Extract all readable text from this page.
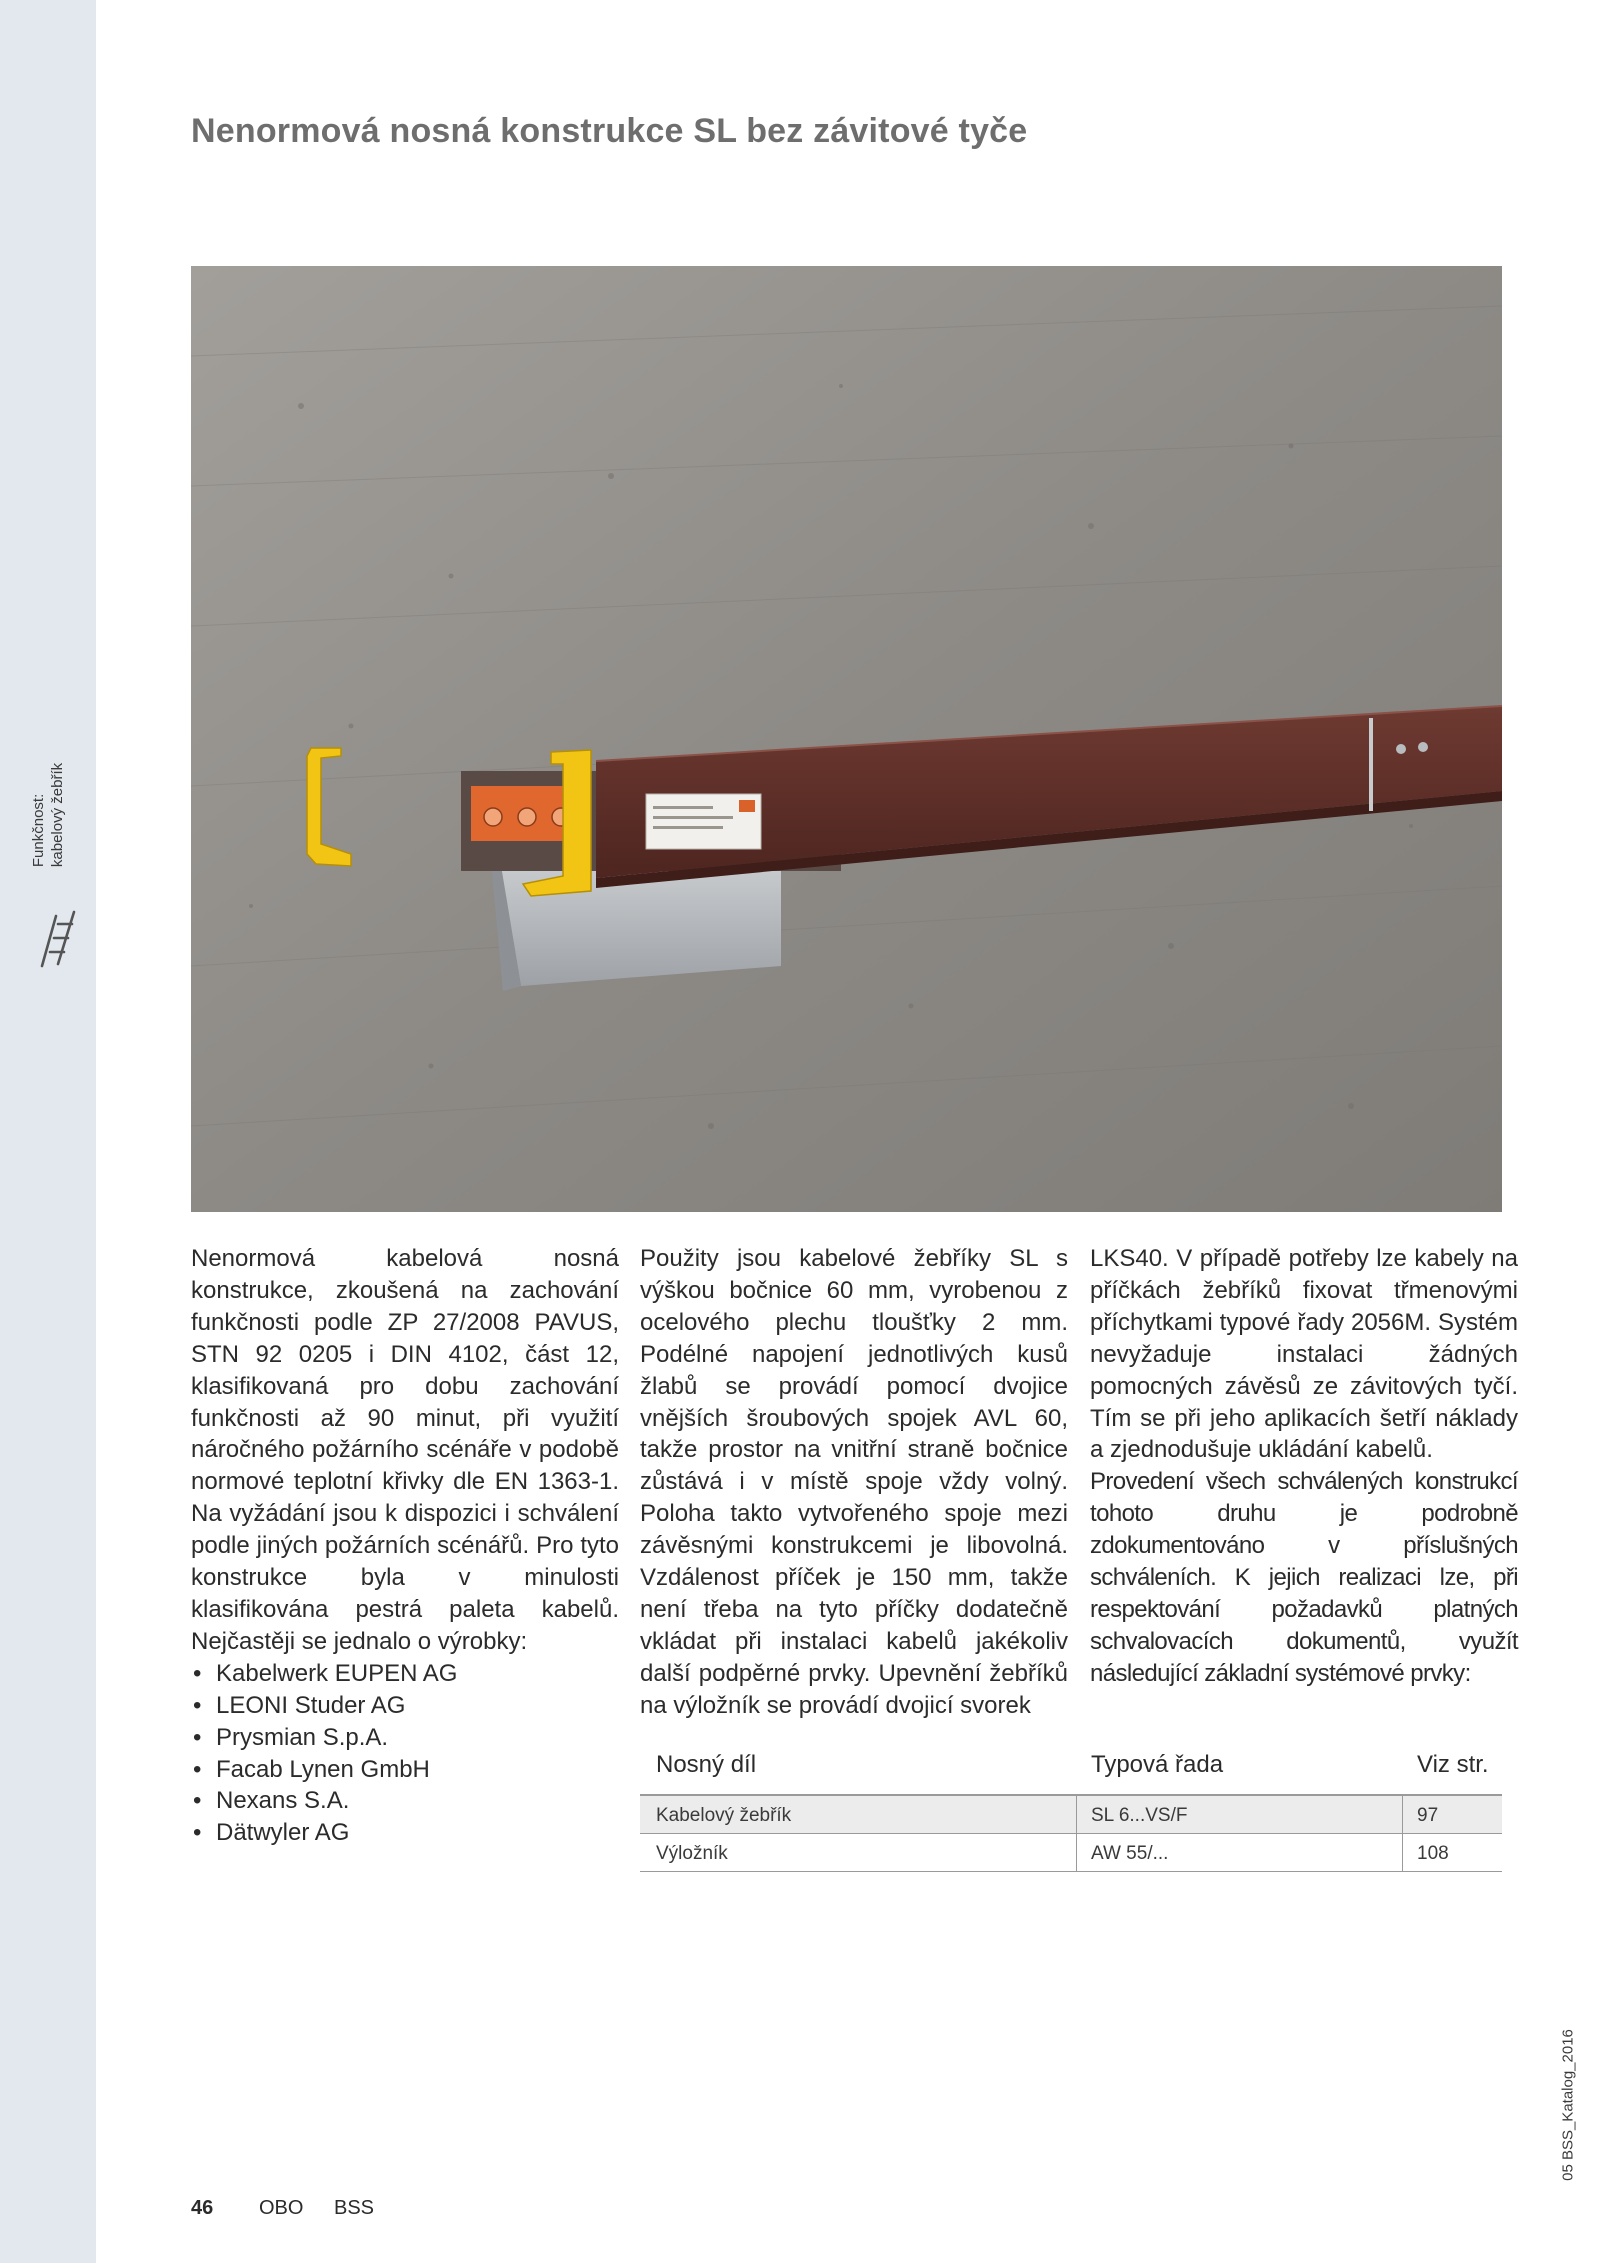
Funkčnost: kabelový žebřík
Nenormová nosná konstrukce SL bez závitové tyče

Nenormová kabelová nosná konstrukce, zkoušená na zachování funkčnosti podle ZP 27/2008 PAVUS, STN 92 0205 i DIN 4102, část 12, klasifikovaná pro dobu zachování funkčnosti až 90 minut, při využití náročného požárního scénáře v podobě normové teplotní křivky dle EN 1363-1. Na vyžádání jsou k dispozici i schválení podle jiných požárních scénářů. Pro tyto konstrukce byla v minulosti klasifikována pestrá paleta kabelů. Nejčastěji se jednalo o výrobky:

• Kabelwerk EUPEN AG
• LEONI Studer AG
• Prysmian S.p.A.
• Facab Lynen GmbH
• Nexans S.A.
• Dätwyler AG

Použity jsou kabelové žebříky SL s výškou bočnice 60 mm, vyrobenou z ocelového plechu tloušťky 2 mm. Podélné napojení jednotlivých kusů žlabů se provádí pomocí dvojice vnějších šroubových spojek AVL 60, takže prostor na vnitřní straně bočnice zůstává i v místě spoje vždy volný. Poloha takto vytvořeného spoje mezi závěsnými konstrukcemi je libovolná. Vzdálenost příček je 150 mm, takže není třeba na tyto příčky dodatečně vkládat při instalaci kabelů jakékoliv další podpěrné prvky. Upevnění žebříků na výložník se provádí dvojicí svorek

LKS40. V případě potřeby lze kabely na příčkách žebříků fixovat třmenovými příchytkami typové řady 2056M. Systém nevyžaduje instalaci žádných pomocných závěsů ze závitových tyčí. Tím se při jeho aplikacích šetří náklady a zjednodušuje ukládání kabelů.

Provedení všech schválených konstrukcí tohoto druhu je podrobně zdokumentováno v příslušných schváleních. K jejich realizaci lze, při respektování požadavků platných schvalovacích dokumentů, využít následující základní systémové prvky:

Nosný díl	Typová řada	Viz str.
Kabelový žebřík	SL 6...VS/F	97
Výložník	AW 55/...	108
05 BSS_Katalog_2016
46 OBO BSS
